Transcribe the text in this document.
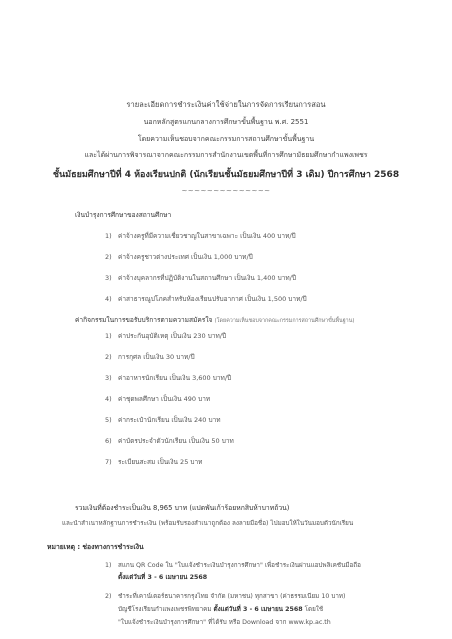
รายละเอียดการชำระเงินค่าใช้จ่ายในการจัดการเรียนการสอน
นอกหลักสูตรแกนกลางการศึกษาขั้นพื้นฐาน พ.ศ. 2551
โดยความเห็นชอบจากคณะกรรมการสถานศึกษาขั้นพื้นฐาน
และได้ผ่านการพิจารณาจากคณะกรรมการสำนักงานเขตพื้นที่การศึกษามัธยมศึกษากำแพงเพชร
ชั้นมัธยมศึกษาปีที่ 4 ห้องเรียนปกติ (นักเรียนชั้นมัธยมศึกษาปีที่ 3 เดิม) ปีการศึกษา 2568
~~~~~~~~~~~~~~
เงินบำรุงการศึกษาของสถานศึกษา
1) ค่าจ้างครูที่มีความเชี่ยวชาญในสาขาเฉพาะ เป็นเงิน 400 บาท/ปี
2) ค่าจ้างครูชาวต่างประเทศ เป็นเงิน 1,000 บาท/ปี
3) ค่าจ้างบุคลากรที่ปฏิบัติงานในสถานศึกษา เป็นเงิน 1,400 บาท/ปี
4) ค่าสาธารณูปโภคสำหรับห้องเรียนปรับอากาศ เป็นเงิน 1,500 บาท/ปี
ค่ากิจกรรมในการขอรับบริการตามความสมัครใจ (โดยความเห็นชอบจากคณะกรรมการสถานศึกษาขั้นพื้นฐาน)
1) ค่าประกันอุบัติเหตุ เป็นเงิน 230 บาท/ปี
2) การกุศล เป็นเงิน 30 บาท/ปี
3) ค่าอาหารนักเรียน เป็นเงิน 3,600 บาท/ปี
4) ค่าชุดพลศึกษา เป็นเงิน 490 บาท
5) ค่ากระเป๋านักเรียน เป็นเงิน 240 บาท
6) ค่าบัตรประจำตัวนักเรียน เป็นเงิน 50 บาท
7) ระเบียนสะสม เป็นเงิน 25 บาท
รวมเงินที่ต้องชำระเป็นเงิน 8,965 บาท (แปดพันเก้าร้อยหกสิบห้าบาทถ้วน)
และนำสำเนาหลักฐานการชำระเงิน (พร้อมรับรองสำเนาถูกต้อง ลงลายมือชื่อ) ไปมอบให้ในวันมอบตัวนักเรียน
หมายเหตุ : ช่องทางการชำระเงิน
1) สแกน QR Code ใน "ใบแจ้งชำระเงินบำรุงการศึกษา" เพื่อชำระเงินผ่านแอปพลิเคชันมือถือ
ตั้งแต่วันที่ 3 - 6 เมษายน 2568
2) ชำระที่เคาน์เตอร์ธนาคารกรุงไทย จำกัด (มหาชน) ทุกสาขา (ค่าธรรมเนียม 10 บาท)
บัญชีโรงเรียนกำแพงเพชรพิทยาคม ตั้งแต่วันที่ 3 - 6 เมษายน 2568 โดยใช้
"ใบแจ้งชำระเงินบำรุงการศึกษา" ที่ได้รับ หรือ Download จาก www.kp.ac.th
